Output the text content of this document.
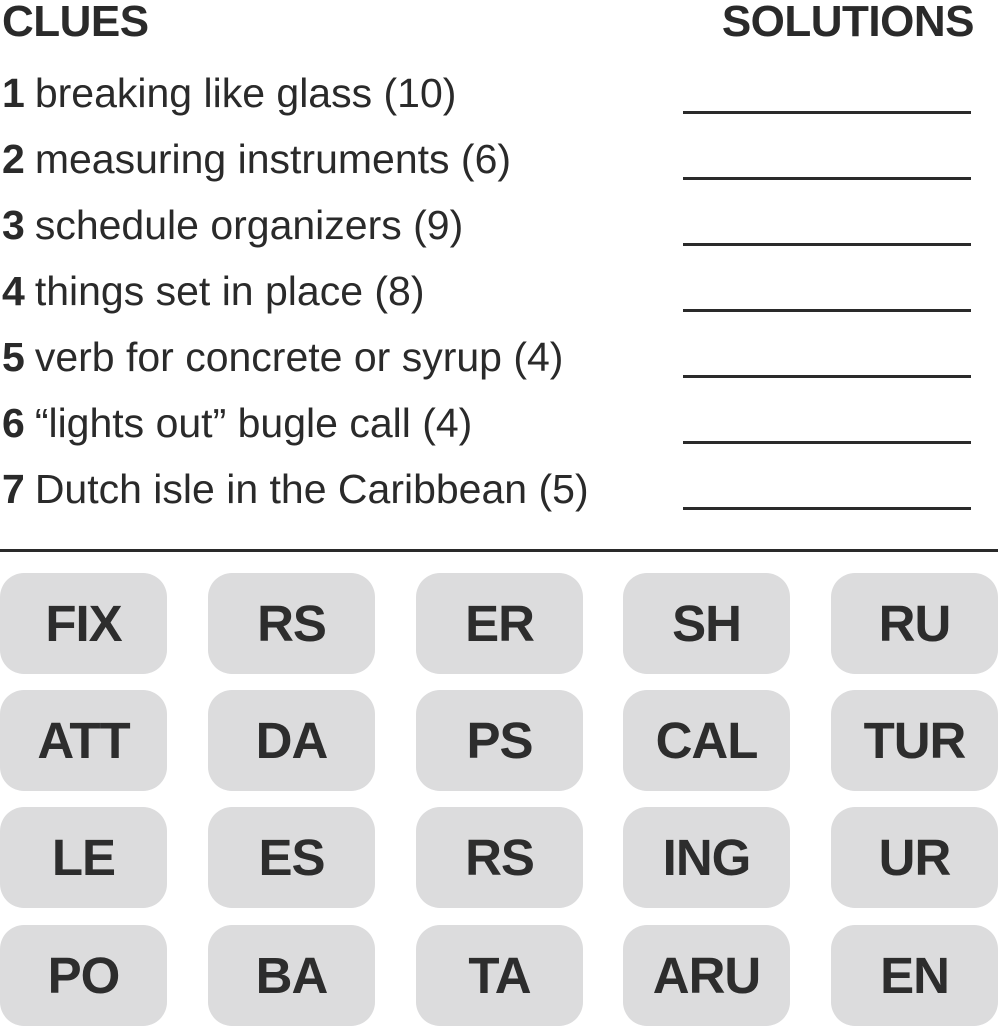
CLUES	SOLUTIONS
1 breaking like glass (10)
2 measuring instruments (6)
3 schedule organizers (9)
4 things set in place (8)
5 verb for concrete or syrup (4)
6 “lights out” bugle call (4)
7 Dutch isle in the Caribbean (5)
FIX	RS	ER	SH	RU
ATT	DA	PS	CAL	TUR
LE	ES	RS	ING	UR
PO	BA	TA	ARU	EN
